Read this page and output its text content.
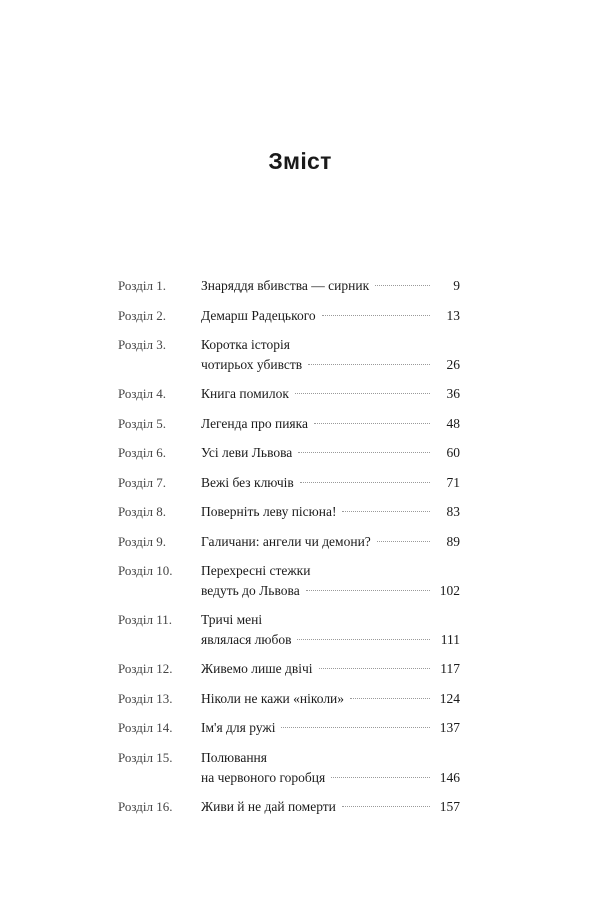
Зміст
Розділ 1.	Знаряддя вбивства — сирник	9
Розділ 2.	Демарш Радецького	13
Розділ 3.	Коротка історія
чотирьох убивств	26
Розділ 4.	Книга помилок	36
Розділ 5.	Легенда про пияка	48
Розділ 6.	Усі леви Львова	60
Розділ 7.	Вежі без ключів	71
Розділ 8.	Поверніть леву пісюна!	83
Розділ 9.	Галичани: ангели чи демони?	89
Розділ 10.	Перехресні стежки
ведуть до Львова	102
Розділ 11.	Тричі мені
являлася любов	111
Розділ 12.	Живемо лише двічі	117
Розділ 13.	Ніколи не кажи «ніколи»	124
Розділ 14.	Ім'я для ружі	137
Розділ 15.	Полювання
на червоного горобця	146
Розділ 16.	Живи й не дай померти	157
